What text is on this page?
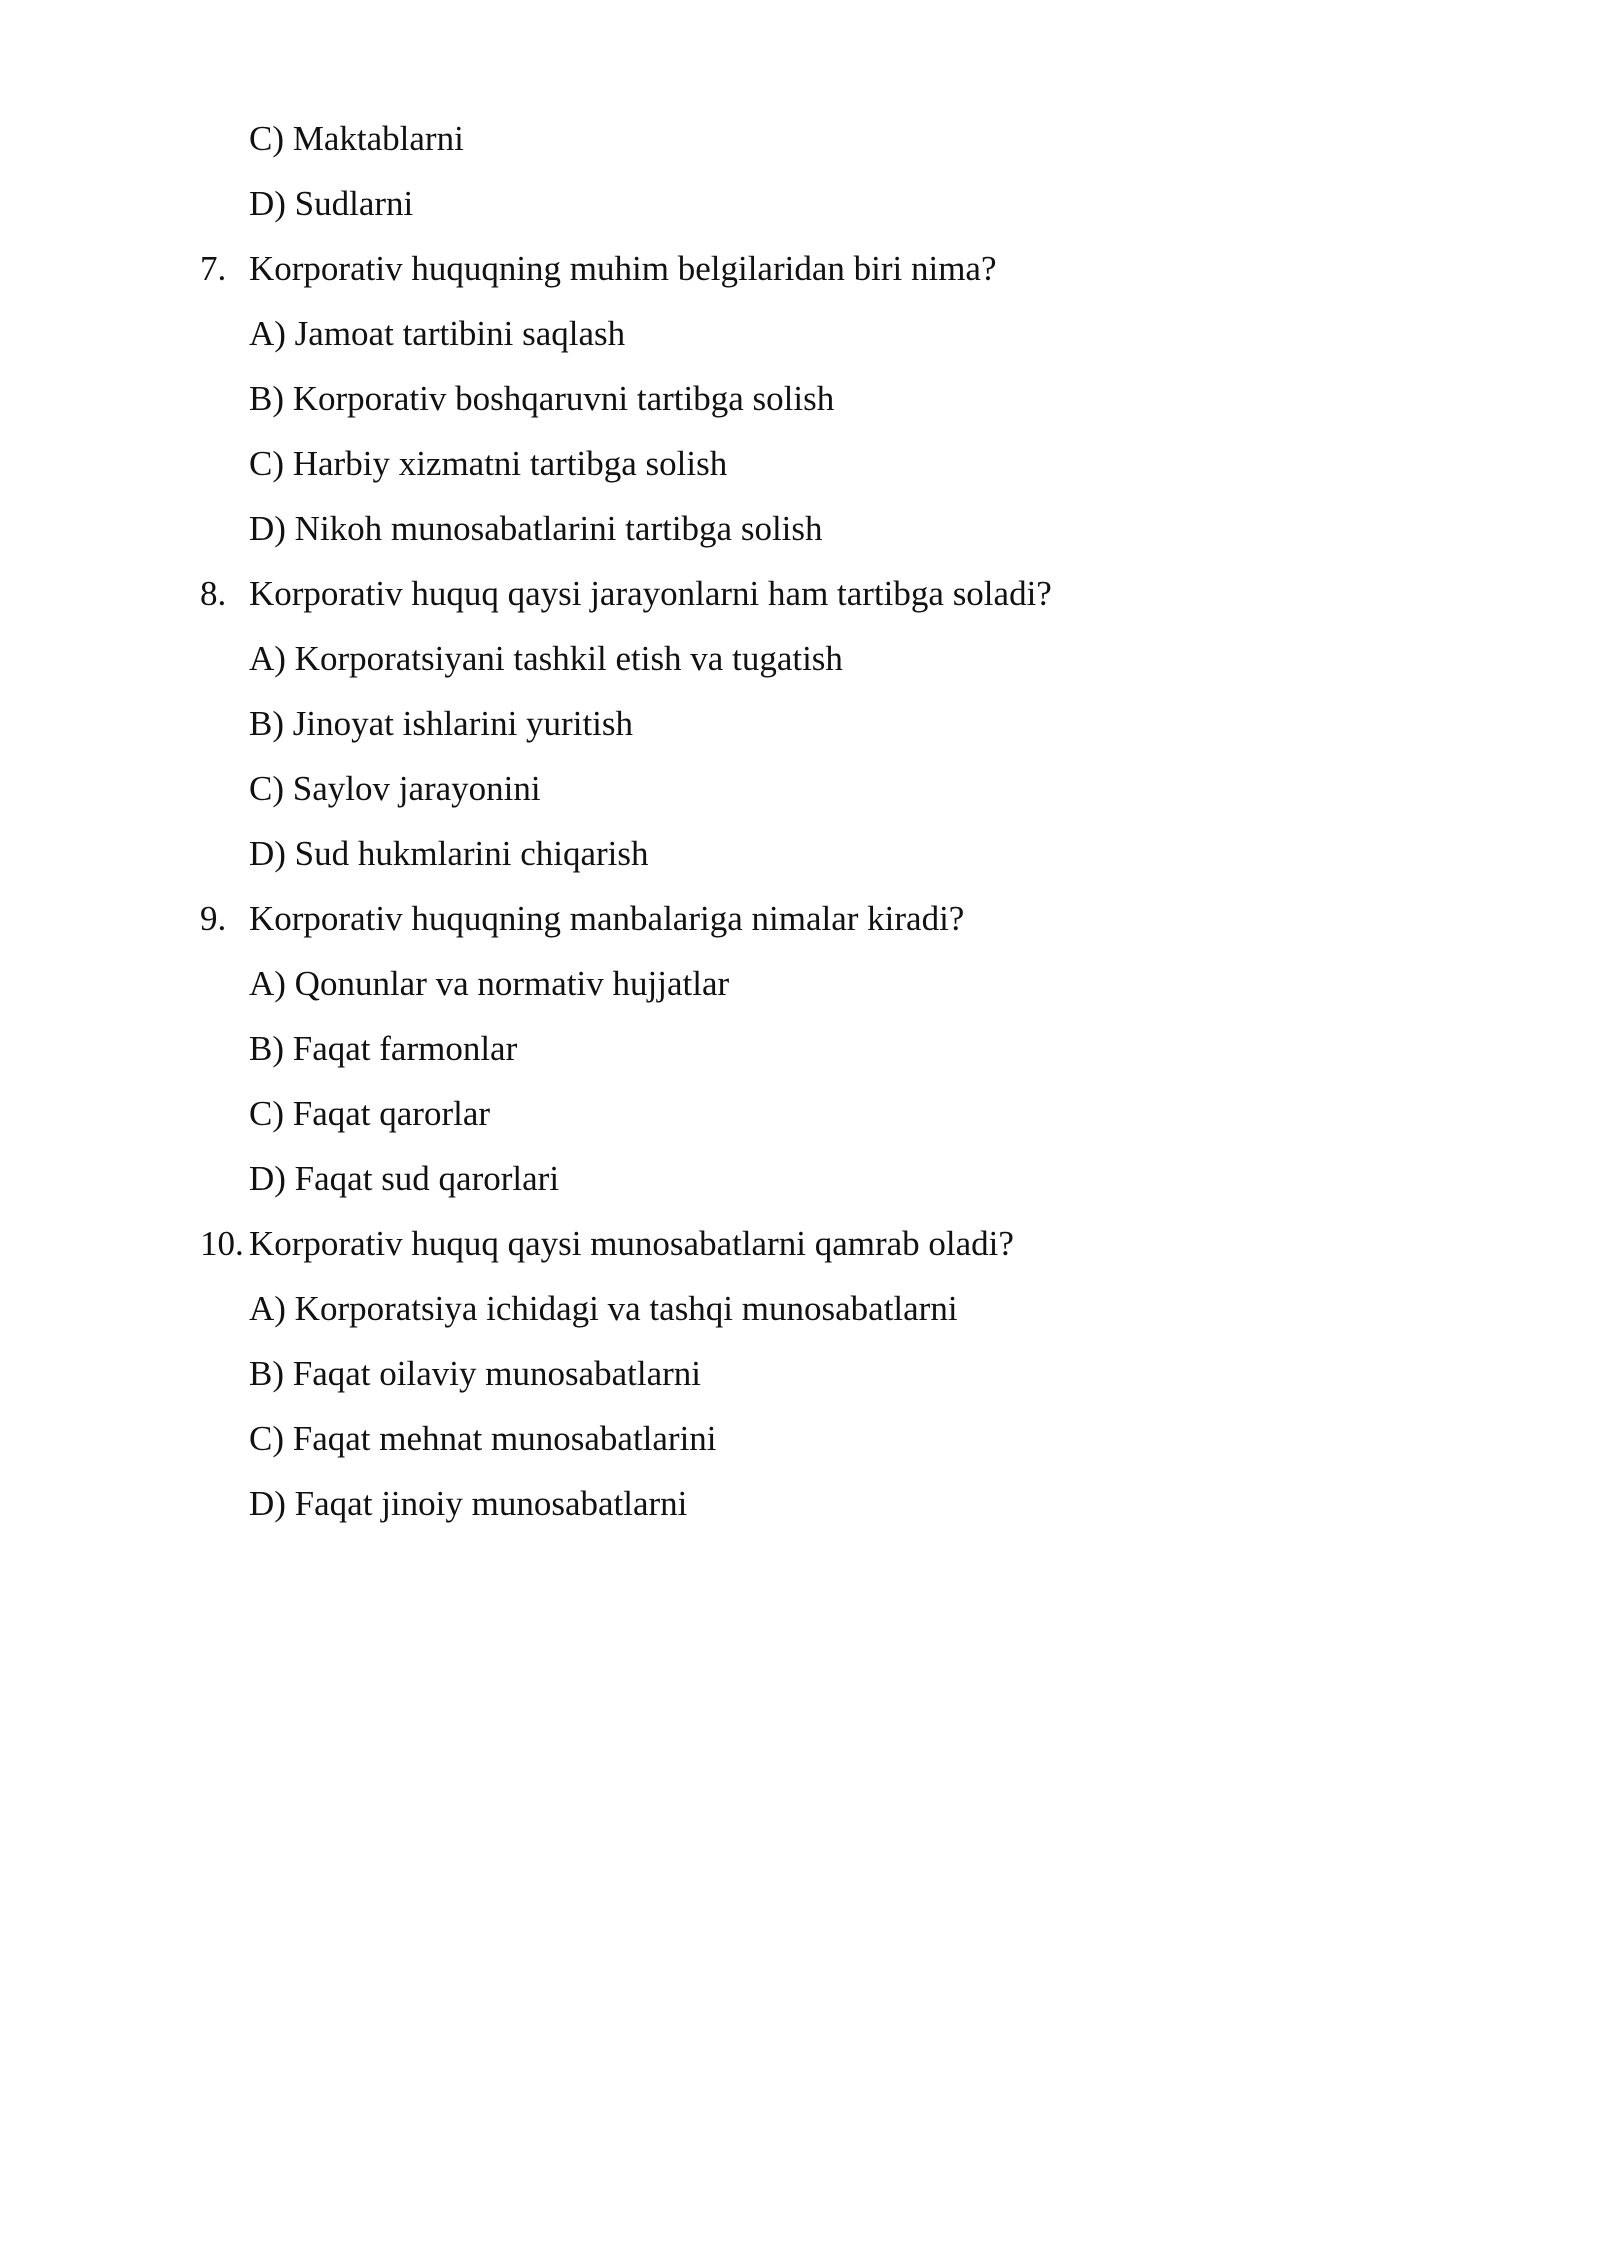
C) Maktablarni
D) Sudlarni
7. Korporativ huquqning muhim belgilaridan biri nima?
A) Jamoat tartibini saqlash
B) Korporativ boshqaruvni tartibga solish
C) Harbiy xizmatni tartibga solish
D) Nikoh munosabatlarini tartibga solish
8. Korporativ huquq qaysi jarayonlarni ham tartibga soladi?
A) Korporatsiyani tashkil etish va tugatish
B) Jinoyat ishlarini yuritish
C) Saylov jarayonini
D) Sud hukmlarini chiqarish
9. Korporativ huquqning manbalariga nimalar kiradi?
A) Qonunlar va normativ hujjatlar
B) Faqat farmonlar
C) Faqat qarorlar
D) Faqat sud qarorlari
10. Korporativ huquq qaysi munosabatlarni qamrab oladi?
A) Korporatsiya ichidagi va tashqi munosabatlarni
B) Faqat oilaviy munosabatlarni
C) Faqat mehnat munosabatlarini
D) Faqat jinoiy munosabatlarni
